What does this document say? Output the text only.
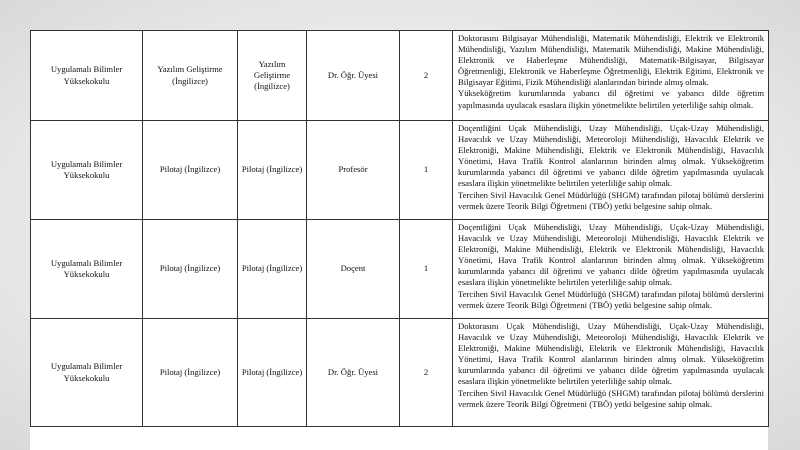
Uygulamalı Bilimler Yüksekokulu	Yazılım Geliştirme (İngilizce)	Yazılım Geliştirme (İngilizce)	Dr. Öğr. Üyesi	2	Doktorasını Bilgisayar Mühendisliği, Matematik Mühendisliği, Elektrik ve Elektronik Mühendisliği, Yazılım Mühendisliği, Matematik Mühendisliği, Makine Mühendisliği, Elektronik ve Haberleşme Mühendisliği, Matematik-Bilgisayar, Bilgisayar Öğretmenliği, Elektronik ve Haberleşme Öğretmenliği, Elektrik Eğitimi, Elektronik ve Bilgisayar Eğitimi, Fizik Mühendisliği alanlarından birinde almış olmak.

Yükseköğretim kurumlarında yabancı dil öğretimi ve yabancı dilde öğretim yapılmasında uyulacak esaslara ilişkin yönetmelikte belirtilen yeterliliğe sahip olmak.

Uygulamalı Bilimler Yüksekokulu	Pilotaj (İngilizce)	Pilotaj (İngilizce)	Profesör	1	Doçentliğini Uçak Mühendisliği, Uzay Mühendisliği, Uçak-Uzay Mühendisliği, Havacılık ve Uzay Mühendisliği, Meteoroloji Mühendisliği, Havacılık Elektrik ve Elektroniği, Makine Mühendisliği, Elektrik ve Elektronik Mühendisliği, Havacılık Yönetimi, Hava Trafik Kontrol alanlarının birinden almış olmak. Yükseköğretim kurumlarında yabancı dil öğretimi ve yabancı dilde öğretim yapılmasında uyulacak esaslara ilişkin yönetmelikte belirtilen yeterliliğe sahip olmak.

Tercihen Sivil Havacılık Genel Müdürlüğü (SHGM) tarafından pilotaj bölümü derslerini vermek üzere Teorik Bilgi Öğretmeni (TBÖ) yetki belgesine sahip olmak.

Uygulamalı Bilimler Yüksekokulu	Pilotaj (İngilizce)	Pilotaj (İngilizce)	Doçent	1	Doçentliğini Uçak Mühendisliği, Uzay Mühendisliği, Uçak-Uzay Mühendisliği, Havacılık ve Uzay Mühendisliği, Meteoroloji Mühendisliği, Havacılık Elektrik ve Elektroniği, Makine Mühendisliği, Elektrik ve Elektronik Mühendisliği, Havacılık Yönetimi, Hava Trafik Kontrol alanlarının birinden almış olmak. Yükseköğretim kurumlarında yabancı dil öğretimi ve yabancı dilde öğretim yapılmasında uyulacak esaslara ilişkin yönetmelikte belirtilen yeterliliğe sahip olmak.

Tercihen Sivil Havacılık Genel Müdürlüğü (SHGM) tarafından pilotaj bölümü derslerini vermek üzere Teorik Bilgi Öğretmeni (TBÖ) yetki belgesine sahip olmak.

Uygulamalı Bilimler Yüksekokulu	Pilotaj (İngilizce)	Pilotaj (İngilizce)	Dr. Öğr. Üyesi	2	Doktorasını Uçak Mühendisliği, Uzay Mühendisliği, Uçak-Uzay Mühendisliği, Havacılık ve Uzay Mühendisliği, Meteoroloji Mühendisliği, Havacılık Elektrik ve Elektroniği, Makine Mühendisliği, Elektrik ve Elektronik Mühendisliği, Havacılık Yönetimi, Hava Trafik Kontrol alanlarının birinden almış olmak. Yükseköğretim kurumlarında yabancı dil öğretimi ve yabancı dilde öğretim yapılmasında uyulacak esaslara ilişkin yönetmelikte belirtilen yeterliliğe sahip olmak.

Tercihen Sivil Havacılık Genel Müdürlüğü (SHGM) tarafından pilotaj bölümü derslerini vermek üzere Teorik Bilgi Öğretmeni (TBÖ) yetki belgesine sahip olmak.
